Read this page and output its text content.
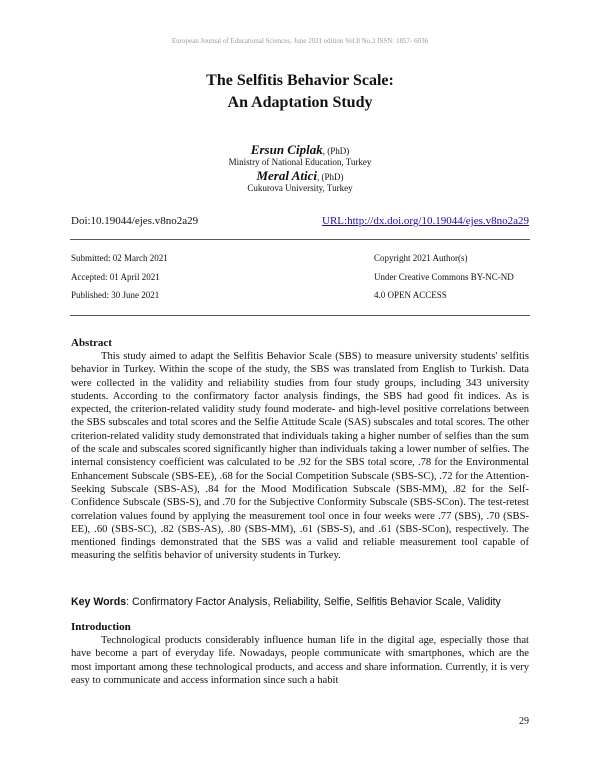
European Journal of Educational Sciences, June 2021 edition Vol.8 No.2 ISSN: 1857- 6036
The Selfitis Behavior Scale:
An Adaptation Study
Ersun Ciplak, (PhD)
Ministry of National Education, Turkey
Meral Atici, (PhD)
Cukurova University, Turkey
Doi:10.19044/ejes.v8no2a29	URL:http://dx.doi.org/10.19044/ejes.v8no2a29
Submitted: 02 March 2021
Accepted: 01 April 2021
Published: 30 June 2021
Copyright 2021 Author(s)
Under Creative Commons BY-NC-ND
4.0 OPEN ACCESS
Abstract

This study aimed to adapt the Selfitis Behavior Scale (SBS) to measure university students' selfitis behavior in Turkey. Within the scope of the study, the SBS was translated from English to Turkish. Data were collected in the validity and reliability studies from four study groups, including 343 university students. According to the confirmatory factor analysis findings, the SBS had good fit indices. As is expected, the criterion-related validity study found moderate- and high-level positive correlations between the SBS subscales and total scores and the Selfie Attitude Scale (SAS) subscales and total scores. The other criterion-related validity study demonstrated that individuals taking a higher number of selfies than the sum of the scale and subscales scored significantly higher than individuals taking a lower number of selfies. The internal consistency coefficient was calculated to be .92 for the SBS total score, .78 for the Environmental Enhancement Subscale (SBS-EE), .68 for the Social Competition Subscale (SBS-SC), .72 for the Attention-Seeking Subscale (SBS-AS), .84 for the Mood Modification Subscale (SBS-MM), .82 for the Self-Confidence Subscale (SBS-S), and .70 for the Subjective Conformity Subscale (SBS-SCon). The test-retest correlation values found by applying the measurement tool once in four weeks were .77 (SBS), .70 (SBS-EE), .60 (SBS-SC), .82 (SBS-AS), .80 (SBS-MM), .61 (SBS-S), and .61 (SBS-SCon), respectively. The mentioned findings demonstrated that the SBS was a valid and reliable measurement tool capable of measuring the selfitis behavior of university students in Turkey.

Key Words: Confirmatory Factor Analysis, Reliability, Selfie, Selfitis Behavior Scale, Validity
Introduction

Technological products considerably influence human life in the digital age, especially those that have become a part of everyday life. Nowadays, people communicate with smartphones, which are the most important among these technological products, and access and share information. Currently, it is very easy to communicate and access information since such a habit

29
